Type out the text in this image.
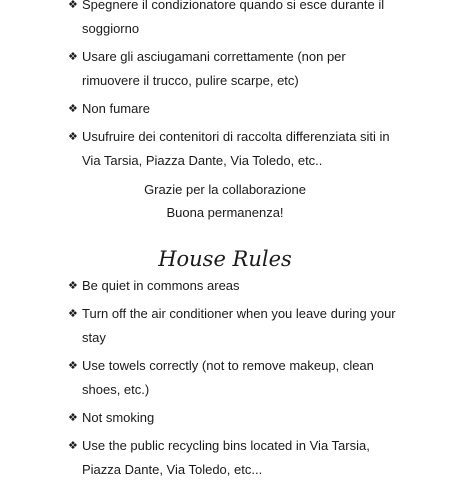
❖ Spegnere il condizionatore quando si esce durante il soggiorno
❖ Usare gli asciugamani correttamente (non per rimuovere il trucco, pulire scarpe, etc)
❖ Non fumare
❖ Usufruire dei contenitori di raccolta differenziata siti in Via Tarsia, Piazza Dante, Via Toledo, etc..
Grazie per la collaborazione
Buona permanenza!
House Rules
❖ Be quiet in commons areas
❖ Turn off the air conditioner when you leave during your stay
❖ Use towels correctly (not to remove makeup, clean shoes, etc.)
❖ Not smoking
❖ Use the public recycling bins located in Via Tarsia, Piazza Dante, Via Toledo, etc...
